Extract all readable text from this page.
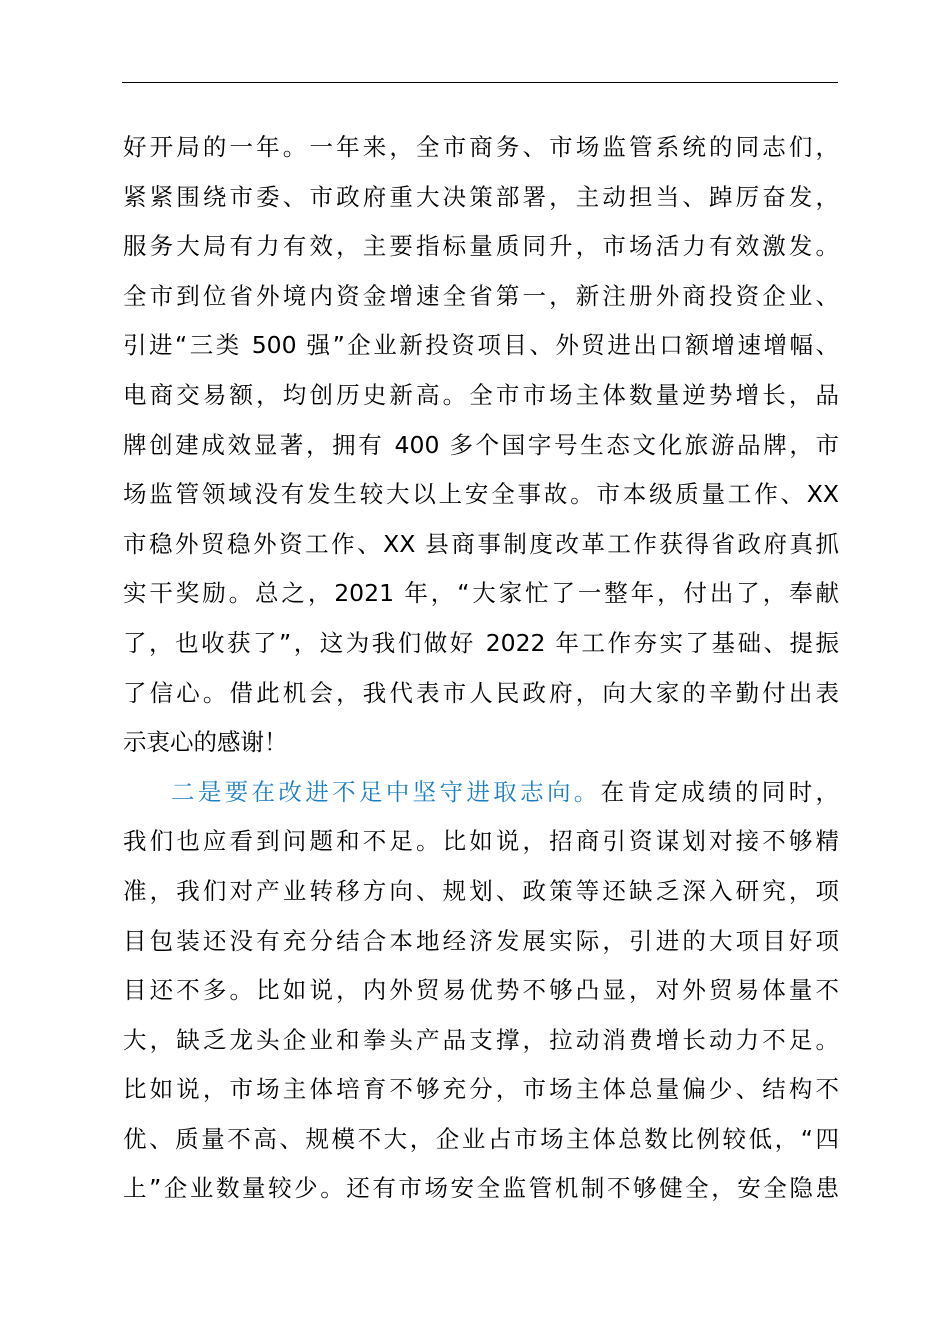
好开局的一年。一年来，全市商务、市场监管系统的同志们，
紧紧围绕市委、市政府重大决策部署，主动担当、踔厉奋发，
服务大局有力有效，主要指标量质同升，市场活力有效激发。
全市到位省外境内资金增速全省第一，新注册外商投资企业、
引进“三类 500 强”企业新投资项目、外贸进出口额增速增幅、
电商交易额，均创历史新高。全市市场主体数量逆势增长，品
牌创建成效显著，拥有 400 多个国字号生态文化旅游品牌，市
场监管领域没有发生较大以上安全事故。市本级质量工作、XX
市稳外贸稳外资工作、XX 县商事制度改革工作获得省政府真抓
实干奖励。总之，2021 年，“大家忙了一整年，付出了，奉献
了，也收获了”，这为我们做好 2022 年工作夯实了基础、提振
了信心。借此机会，我代表市人民政府，向大家的辛勤付出表
示衷心的感谢！
二是要在改进不足中坚守进取志向。在肯定成绩的同时，
我们也应看到问题和不足。比如说，招商引资谋划对接不够精
准，我们对产业转移方向、规划、政策等还缺乏深入研究，项
目包装还没有充分结合本地经济发展实际，引进的大项目好项
目还不多。比如说，内外贸易优势不够凸显，对外贸易体量不
大，缺乏龙头企业和拳头产品支撑，拉动消费增长动力不足。
比如说，市场主体培育不够充分，市场主体总量偏少、结构不
优、质量不高、规模不大，企业占市场主体总数比例较低，“四
上”企业数量较少。还有市场安全监管机制不够健全，安全隐患
